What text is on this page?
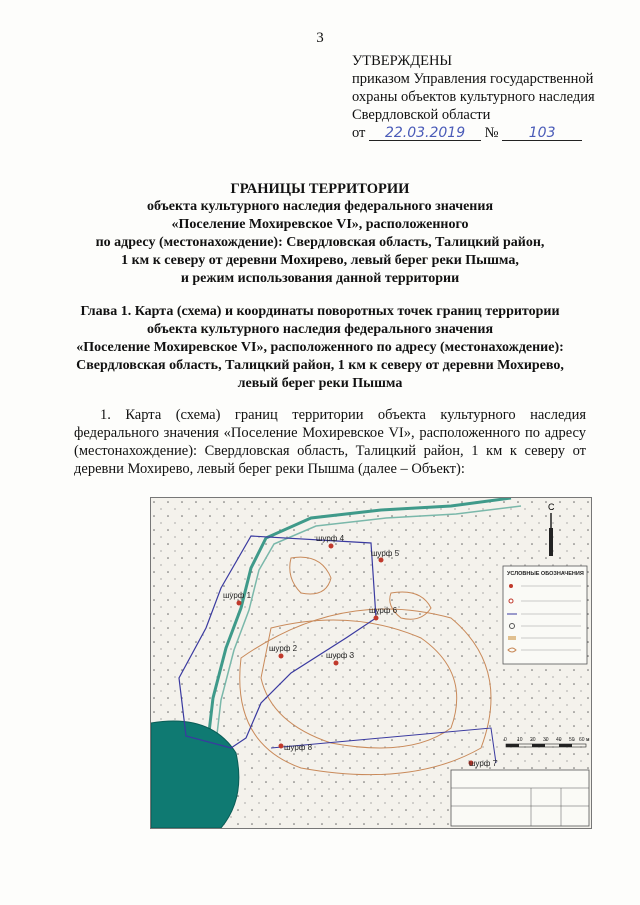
3
УТВЕРЖДЕНЫ
приказом Управления государственной
охраны объектов культурного наследия
Свердловской области
от 22.03.2019 № 103
ГРАНИЦЫ ТЕРРИТОРИИ
объекта культурного наследия федерального значения
«Поселение Мохиревское VI», расположенного
по адресу (местонахождение): Свердловская область, Талицкий район,
1 км к северу от деревни Мохирево, левый берег реки Пышма,
и режим использования данной территории
Глава 1. Карта (схема) и координаты поворотных точек границ территории
объекта культурного наследия федерального значения
«Поселение Мохиревское VI», расположенного по адресу (местонахождение):
Свердловская область, Талицкий район, 1 км к северу от деревни Мохирево,
левый берег реки Пышма
1. Карта (схема) границ территории объекта культурного наследия федерального значения «Поселение Мохиревское VI», расположенного по адресу (местонахождение): Свердловская область, Талицкий район, 1 км к северу от деревни Мохирево, левый берег реки Пышма (далее – Объект):
шурф 1
шурф 2
шурф 3
шурф 4
шурф 5
шурф 6
шурф 7
шурф 8
С
УСЛОВНЫЕ ОБОЗНАЧЕНИЯ
0 10 20 30 40 50 60 м
